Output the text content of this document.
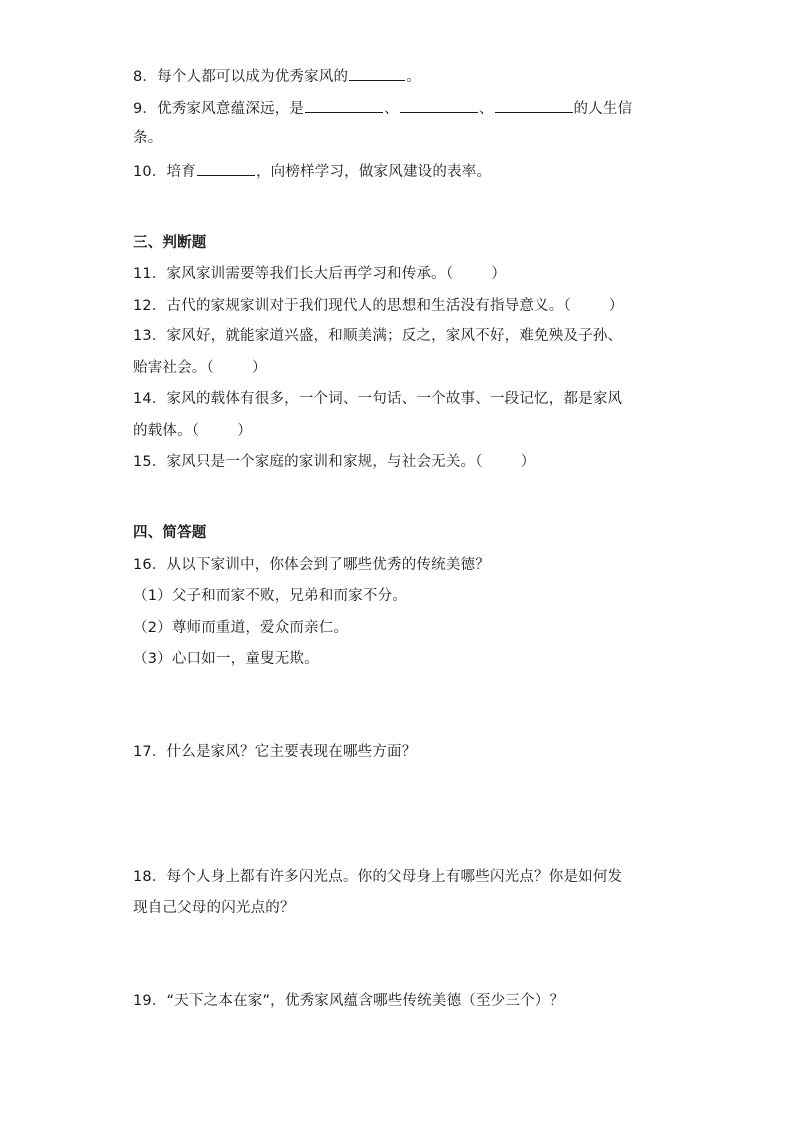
8．每个人都可以成为优秀家风的	。
9．优秀家风意蕴深远，是	、	、	的人生信
条。
10．培育	，向榜样学习，做家风建设的表率。
三、判断题
11．家风家训需要等我们长大后再学习和传承。（	）
12．古代的家规家训对于我们现代人的思想和生活没有指导意义。（	）
13．家风好，就能家道兴盛，和顺美满；反之，家风不好，难免殃及子孙、
贻害社会。（	）
14．家风的载体有很多，一个词、一句话、一个故事、一段记忆，都是家风
的载体。（	）
15．家风只是一个家庭的家训和家规，与社会无关。（	）
四、简答题
16．从以下家训中，你体会到了哪些优秀的传统美德？
（1）父子和而家不败，兄弟和而家不分。
（2）尊师而重道，爱众而亲仁。
（3）心口如一，童叟无欺。
17．什么是家风？它主要表现在哪些方面？
18．每个人身上都有许多闪光点。你的父母身上有哪些闪光点？你是如何发
现自己父母的闪光点的？
19．“天下之本在家”，优秀家风蕴含哪些传统美德（至少三个）？
